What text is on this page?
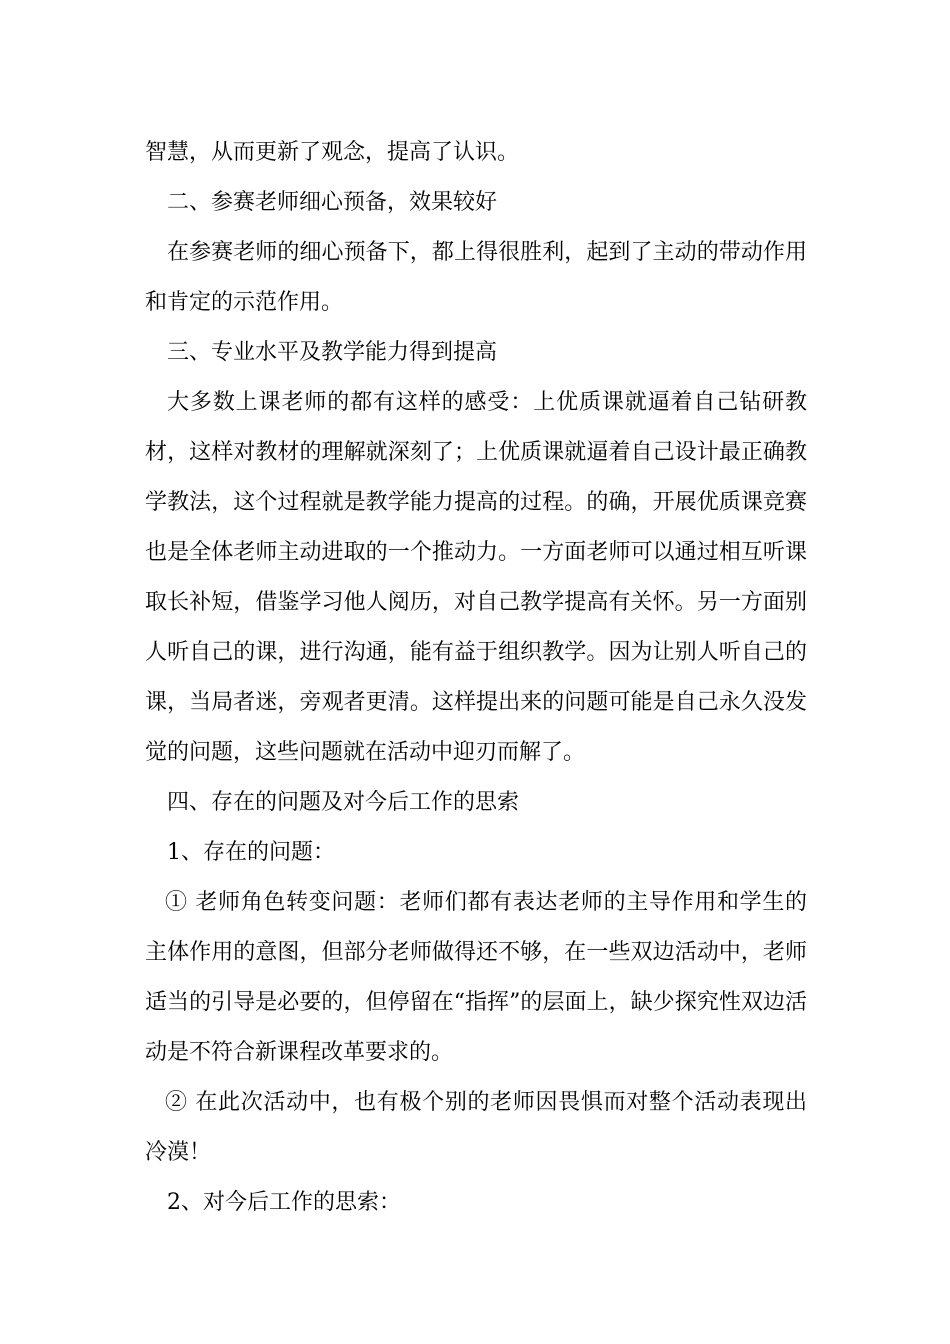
智慧，从而更新了观念，提高了认识。

二、参赛老师细心预备，效果较好

在参赛老师的细心预备下，都上得很胜利，起到了主动的带动作用和肯定的示范作用。

三、专业水平及教学能力得到提高

大多数上课老师的都有这样的感受：上优质课就逼着自己钻研教材，这样对教材的理解就深刻了；上优质课就逼着自己设计最正确教学教法，这个过程就是教学能力提高的过程。的确，开展优质课竞赛也是全体老师主动进取的一个推动力。一方面老师可以通过相互听课取长补短，借鉴学习他人阅历，对自己教学提高有关怀。另一方面别人听自己的课，进行沟通，能有益于组织教学。因为让别人听自己的课，当局者迷，旁观者更清。这样提出来的问题可能是自己永久没发觉的问题，这些问题就在活动中迎刃而解了。

四、存在的问题及对今后工作的思索

1、存在的问题：

① 老师角色转变问题：老师们都有表达老师的主导作用和学生的主体作用的意图，但部分老师做得还不够，在一些双边活动中，老师适当的引导是必要的，但停留在“指挥”的层面上，缺少探究性双边活动是不符合新课程改革要求的。

② 在此次活动中，也有极个别的老师因畏惧而对整个活动表现出冷漠！

2、对今后工作的思索：
